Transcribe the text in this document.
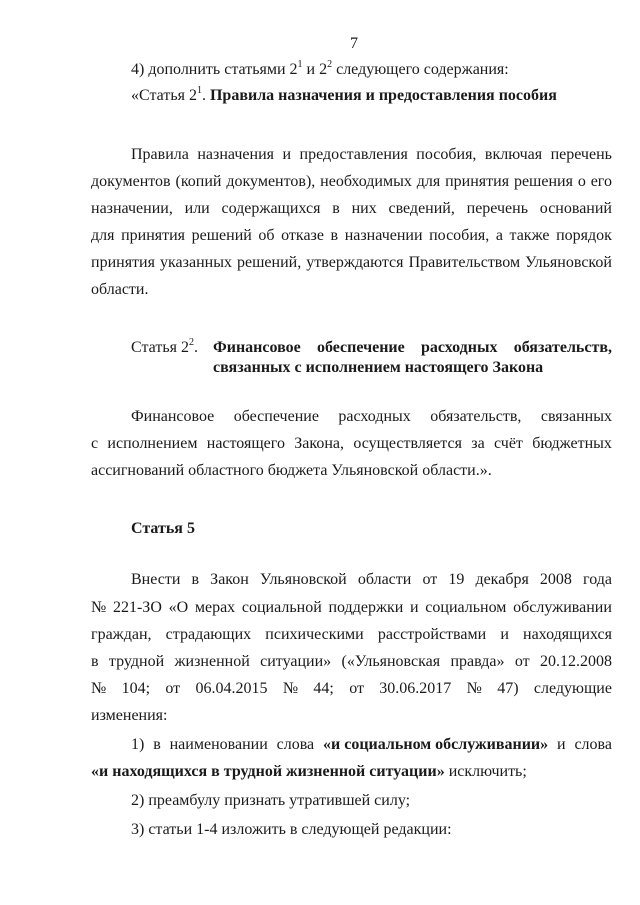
7
4) дополнить статьями $2^1$ и $2^2$ следующего содержания:
«Статья $2^1$. Правила назначения и предоставления пособия
Правила назначения и предоставления пособия, включая перечень
документов (копий документов), необходимых для принятия решения о его
назначении, или содержащихся в них сведений, перечень оснований
для принятия решений об отказе в назначении пособия, а также порядок
принятия указанных решений, утверждаются Правительством Ульяновской
области.
Статья $2^2$. Финансовое обеспечение расходных обязательств,
связанных с исполнением настоящего Закона
Финансовое обеспечение расходных обязательств, связанных
с исполнением настоящего Закона, осуществляется за счёт бюджетных
ассигнований областного бюджета Ульяновской области.».
Статья 5
Внести в Закон Ульяновской области от 19 декабря 2008 года
№ 221-ЗО «О мерах социальной поддержки и социальном обслуживании
граждан, страдающих психическими расстройствами и находящихся
в трудной жизненной ситуации» («Ульяновская правда» от 20.12.2008
№ 104; от 06.04.2015 № 44; от 30.06.2017 № 47) следующие
изменения:
1) в наименовании слова «и социальном обслуживании» и слова
«и находящихся в трудной жизненной ситуации» исключить;
2) преамбулу признать утратившей силу;
3) статьи 1-4 изложить в следующей редакции:
